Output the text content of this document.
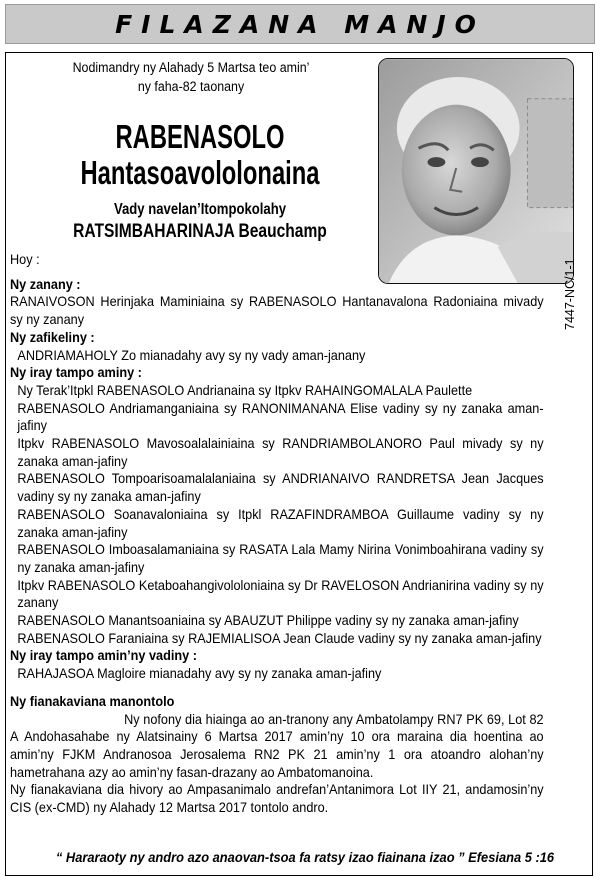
FILAZANA MANJO
Nodimandry ny Alahady 5 Martsa teo amin’
ny faha-82 taonany
RABENASOLO
Hantasoavololonaina
Vady navelan’Itompokolahy
RATSIMBAHARINAJA Beauchamp
7447-NC/1-1

Hoy :

Ny zanany :

RANAIVOSON Herinjaka Maminiaina sy RABENASOLO Hantanavalona Radoniaina mivady sy ny zanany

Ny zafikeliny :

ANDRIAMAHOLY Zo mianadahy avy sy ny vady aman-janany

Ny iray tampo aminy :

Ny Terak’Itpkl RABENASOLO Andrianaina sy Itpkv RAHAINGOMALALA Paulette

RABENASOLO Andriamanganiaina sy RANONIMANANA Elise vadiny sy ny zanaka aman-jafiny

Itpkv RABENASOLO Mavosoalalainiaina sy RANDRIAMBOLANORO Paul mivady sy ny zanaka aman-jafiny

RABENASOLO Tompoarisoamalalaniaina sy ANDRIANAIVO RANDRETSA Jean Jacques vadiny sy ny zanaka aman-jafiny

RABENASOLO Soanavaloniaina sy Itpkl RAZAFINDRAMBOA Guillaume vadiny sy ny zanaka aman-jafiny

RABENASOLO Imboasalamaniaina sy RASATA Lala Mamy Nirina Vonimboahirana vadiny sy ny zanaka aman-jafiny

Itpkv RABENASOLO Ketaboahangivololoniaina sy Dr RAVELOSON Andrianirina vadiny sy ny zanany

RABENASOLO Manantsoaniaina sy ABAUZUT Philippe vadiny sy ny zanaka aman-jafiny

RABENASOLO Faraniaina sy RAJEMIALISOA Jean Claude vadiny sy ny zanaka aman-jafiny

Ny iray tampo amin’ny vadiny :

RAHAJASOA Magloire mianadahy avy sy ny zanaka aman-jafiny

Ny fianakaviana manontolo

Ny nofony dia hiainga ao an-tranony any Ambatolampy RN7 PK 69, Lot 82 A Andohasahabe ny Alatsinainy 6 Martsa 2017 amin’ny 10 ora maraina dia hoentina ao amin’ny FJKM Andranosoa Jerosalema RN2 PK 21 amin’ny 1 ora atoandro alohan’ny hametrahana azy ao amin’ny fasan-drazany ao Ambatomanoina.

Ny fianakaviana dia hivory ao Ampasanimalo andrefan’Antanimora Lot IIY 21, andamosin’ny CIS (ex-CMD) ny Alahady 12 Martsa 2017 tontolo andro.

“ Hararaoty ny andro azo anaovan-tsoa fa ratsy izao fiainana izao ” Efesiana 5 :16
